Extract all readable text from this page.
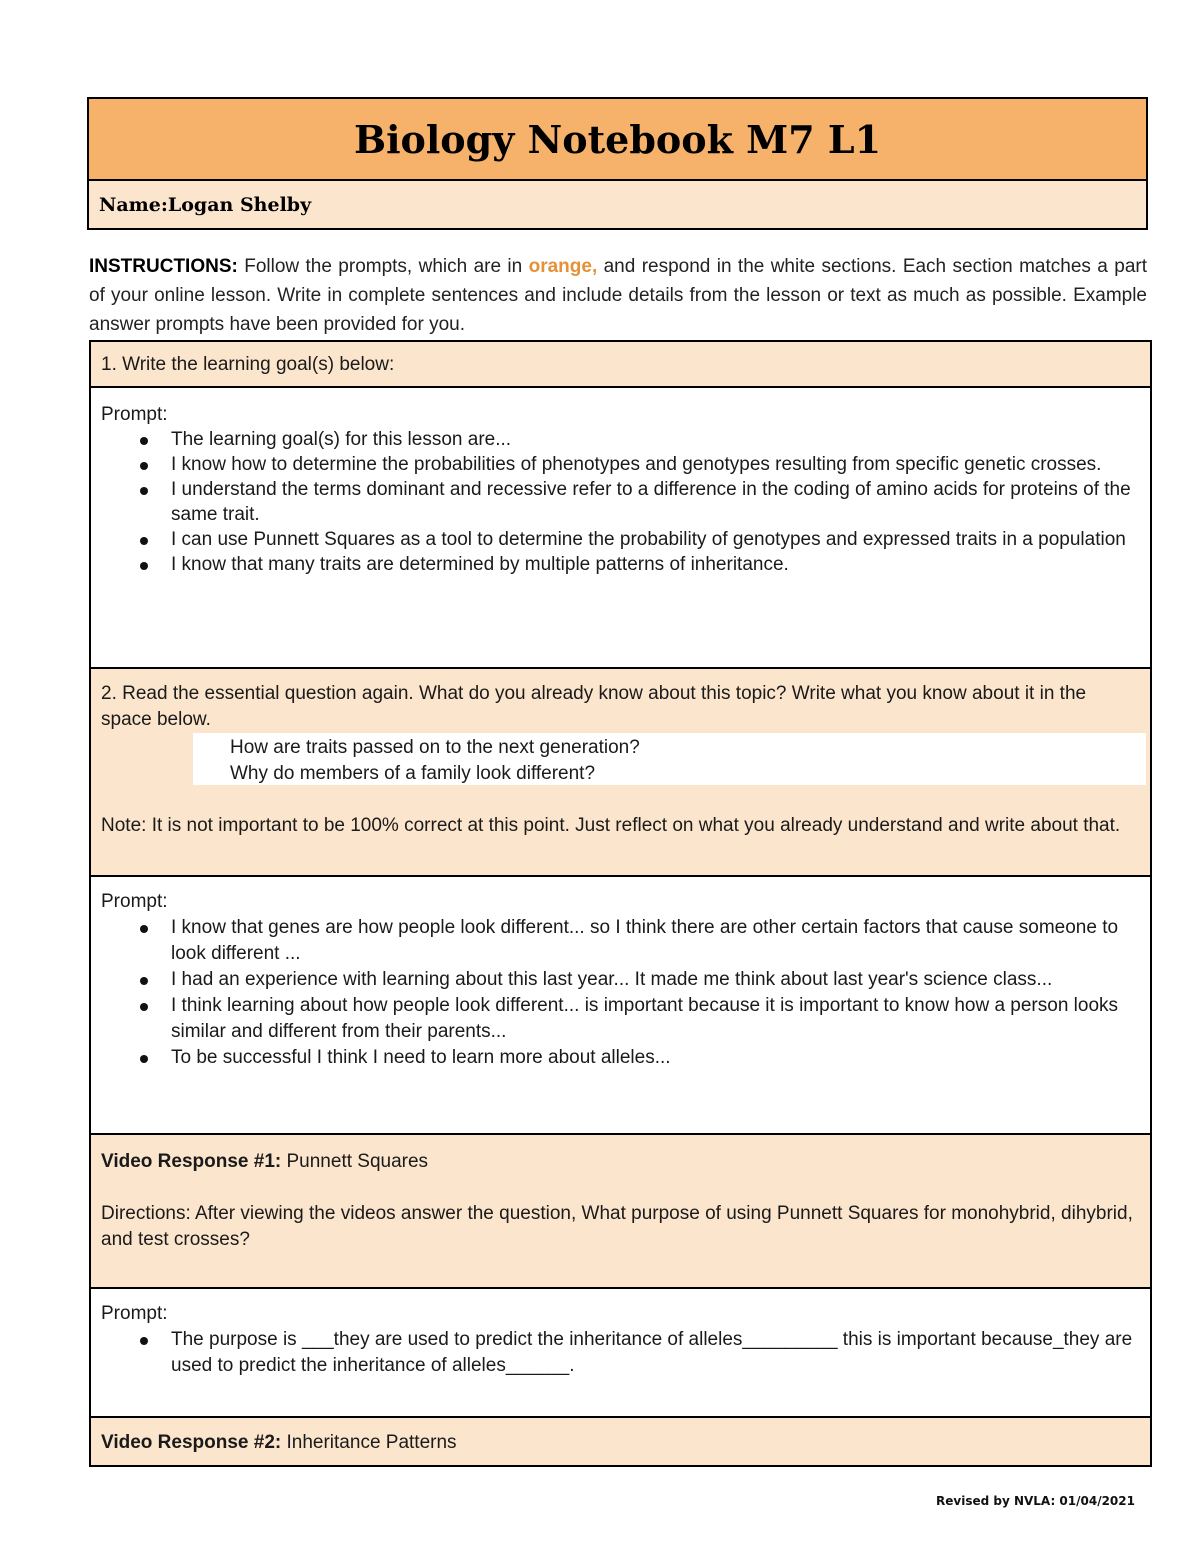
Biology Notebook M7 L1
Name: Logan Shelby
INSTRUCTIONS: Follow the prompts, which are in orange, and respond in the white sections. Each section matches a part of your online lesson. Write in complete sentences and include details from the lesson or text as much as possible. Example answer prompts have been provided for you.
1. Write the learning goal(s) below:
Prompt:
The learning goal(s) for this lesson are...
I know how to determine the probabilities of phenotypes and genotypes resulting from specific genetic crosses.
I understand the terms dominant and recessive refer to a difference in the coding of amino acids for proteins of the same trait.
I can use Punnett Squares as a tool to determine the probability of genotypes and expressed traits in a population
I know that many traits are determined by multiple patterns of inheritance.
2. Read the essential question again. What do you already know about this topic? Write what you know about it in the space below.
How are traits passed on to the next generation?
Why do members of a family look different?
Note: It is not important to be 100% correct at this point. Just reflect on what you already understand and write about that.
Prompt:
I know that genes are how people look different... so I think there are other certain factors that cause someone to look different ...
I had an experience with learning about this last year... It made me think about last year's science class...
I think learning about how people look different... is important because it is important to know how a person looks similar and different from their parents...
To be successful I think I need to learn more about alleles...
Video Response #1: Punnett Squares
Directions: After viewing the videos answer the question, What purpose of using Punnett Squares for monohybrid, dihybrid, and test crosses?
Prompt:
The purpose is ___they are used to predict the inheritance of alleles_________ this is important because_they are used to predict the inheritance of alleles______.
Video Response #2: Inheritance Patterns
Revised by NVLA: 01/04/2021
